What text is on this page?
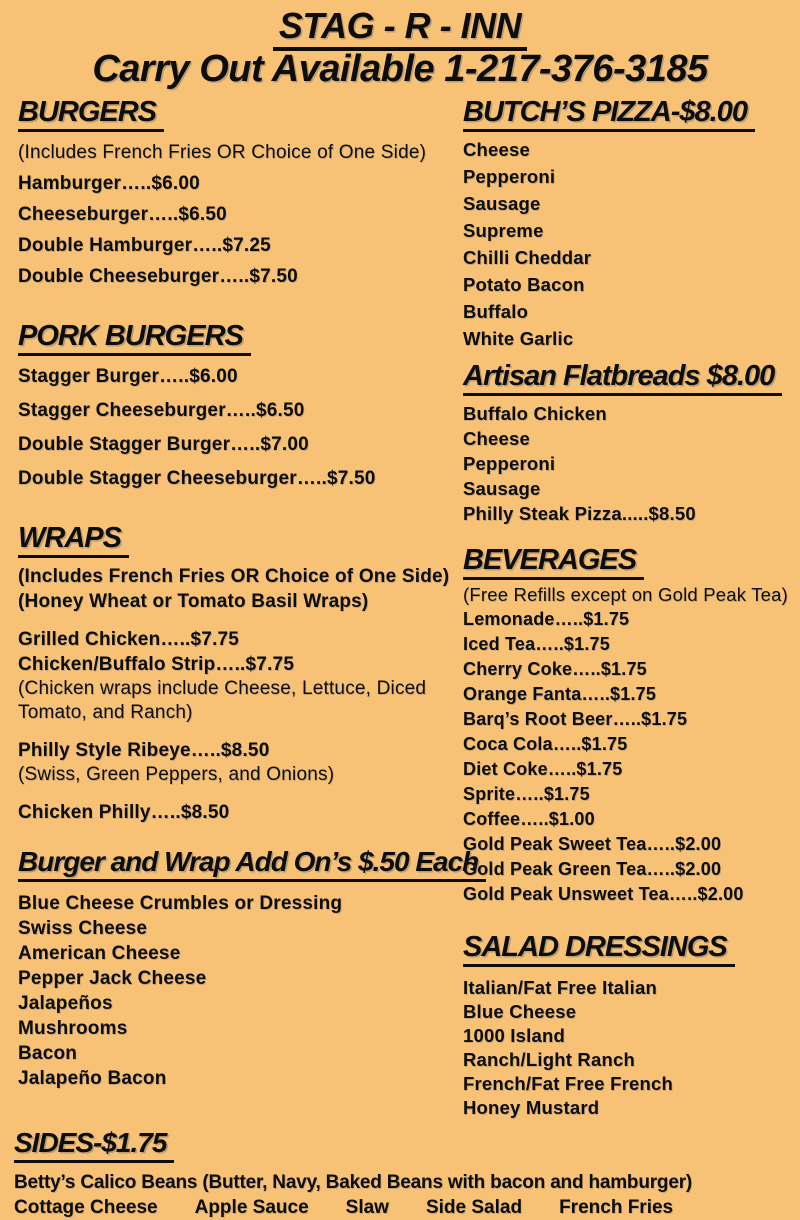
STAG - R - INN
Carry Out Available 1-217-376-3185
BURGERS
(Includes French Fries OR Choice of One Side)
Hamburger…..$6.00
Cheeseburger…..$6.50
Double Hamburger…..$7.25
Double Cheeseburger…..$7.50
PORK BURGERS
Stagger Burger…..$6.00
Stagger Cheeseburger…..$6.50
Double Stagger Burger…..$7.00
Double Stagger Cheeseburger…..$7.50
WRAPS
(Includes French Fries OR Choice of One Side)
(Honey Wheat or Tomato Basil Wraps)
Grilled Chicken…..$7.75
Chicken/Buffalo Strip…..$7.75
(Chicken wraps include Cheese, Lettuce, Diced Tomato, and Ranch)
Philly Style Ribeye…..$8.50
(Swiss, Green Peppers, and Onions)
Chicken Philly…..$8.50
Burger and Wrap Add On’s $.50 Each
Blue Cheese Crumbles or Dressing
Swiss Cheese
American Cheese
Pepper Jack Cheese
Jalapeños
Mushrooms
Bacon
Jalapeño Bacon
BUTCH’S PIZZA-$8.00
Cheese
Pepperoni
Sausage
Supreme
Chilli Cheddar
Potato Bacon
Buffalo
White Garlic
Artisan Flatbreads $8.00
Buffalo Chicken
Cheese
Pepperoni
Sausage
Philly Steak Pizza.....$8.50
BEVERAGES
(Free Refills except on Gold Peak Tea)
Lemonade…..$1.75
Iced Tea…..$1.75
Cherry Coke…..$1.75
Orange Fanta…..$1.75
Barq’s Root Beer…..$1.75
Coca Cola…..$1.75
Diet Coke…..$1.75
Sprite…..$1.75
Coffee…..$1.00
Gold Peak Sweet Tea…..$2.00
Gold Peak Green Tea…..$2.00
Gold Peak Unsweet Tea…..$2.00
SALAD DRESSINGS
Italian/Fat Free Italian
Blue Cheese
1000 Island
Ranch/Light Ranch
French/Fat Free French
Honey Mustard
SIDES-$1.75
Betty’s Calico Beans (Butter, Navy, Baked Beans with bacon and hamburger)
Cottage Cheese Apple Sauce Slaw Side Salad French Fries
